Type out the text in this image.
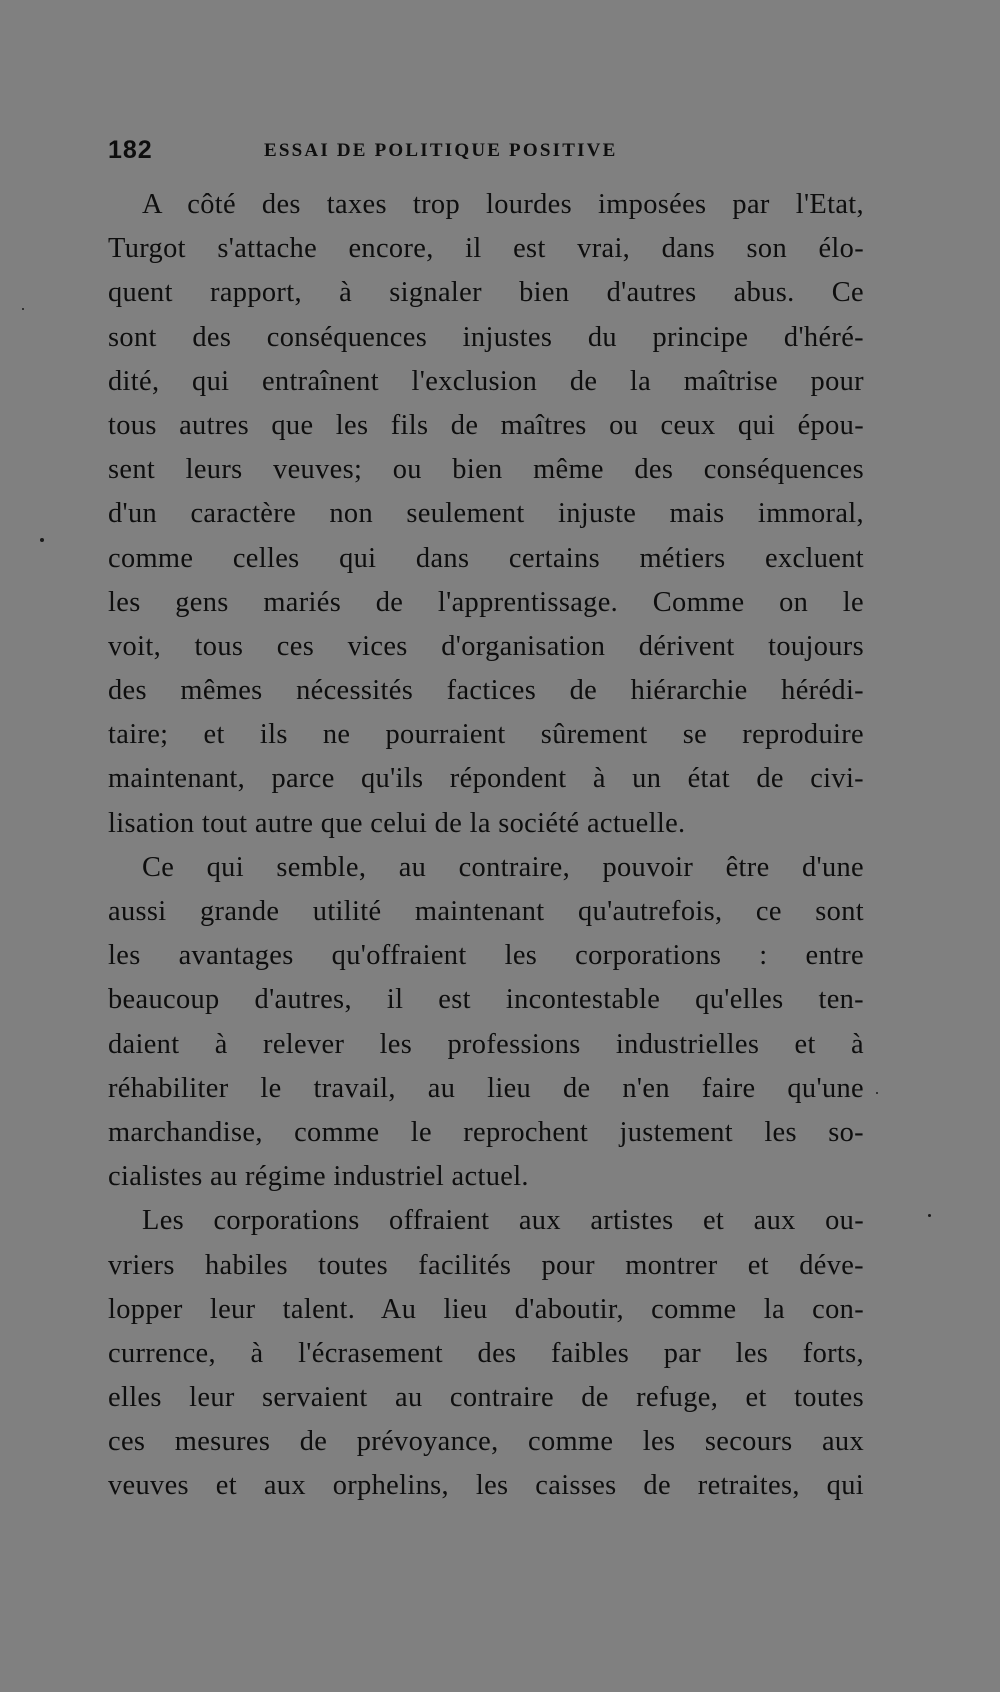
182	ESSAI DE POLITIQUE POSITIVE
A côté des taxes trop lourdes imposées par l'Etat,
Turgot s'attache encore, il est vrai, dans son élo-
quent rapport, à signaler bien d'autres abus. Ce
sont des conséquences injustes du principe d'héré-
dité, qui entraînent l'exclusion de la maîtrise pour
tous autres que les fils de maîtres ou ceux qui épou-
sent leurs veuves; ou bien même des conséquences
d'un caractère non seulement injuste mais immoral,
comme celles qui dans certains métiers excluent
les gens mariés de l'apprentissage. Comme on le
voit, tous ces vices d'organisation dérivent toujours
des mêmes nécessités factices de hiérarchie hérédi-
taire; et ils ne pourraient sûrement se reproduire
maintenant, parce qu'ils répondent à un état de civi-
lisation tout autre que celui de la société actuelle.
Ce qui semble, au contraire, pouvoir être d'une
aussi grande utilité maintenant qu'autrefois, ce sont
les avantages qu'offraient les corporations : entre
beaucoup d'autres, il est incontestable qu'elles ten-
daient à relever les professions industrielles et à
réhabiliter le travail, au lieu de n'en faire qu'une
marchandise, comme le reprochent justement les so-
cialistes au régime industriel actuel.
Les corporations offraient aux artistes et aux ou-
vriers habiles toutes facilités pour montrer et déve-
lopper leur talent. Au lieu d'aboutir, comme la con-
currence, à l'écrasement des faibles par les forts,
elles leur servaient au contraire de refuge, et toutes
ces mesures de prévoyance, comme les secours aux
veuves et aux orphelins, les caisses de retraites, qui
